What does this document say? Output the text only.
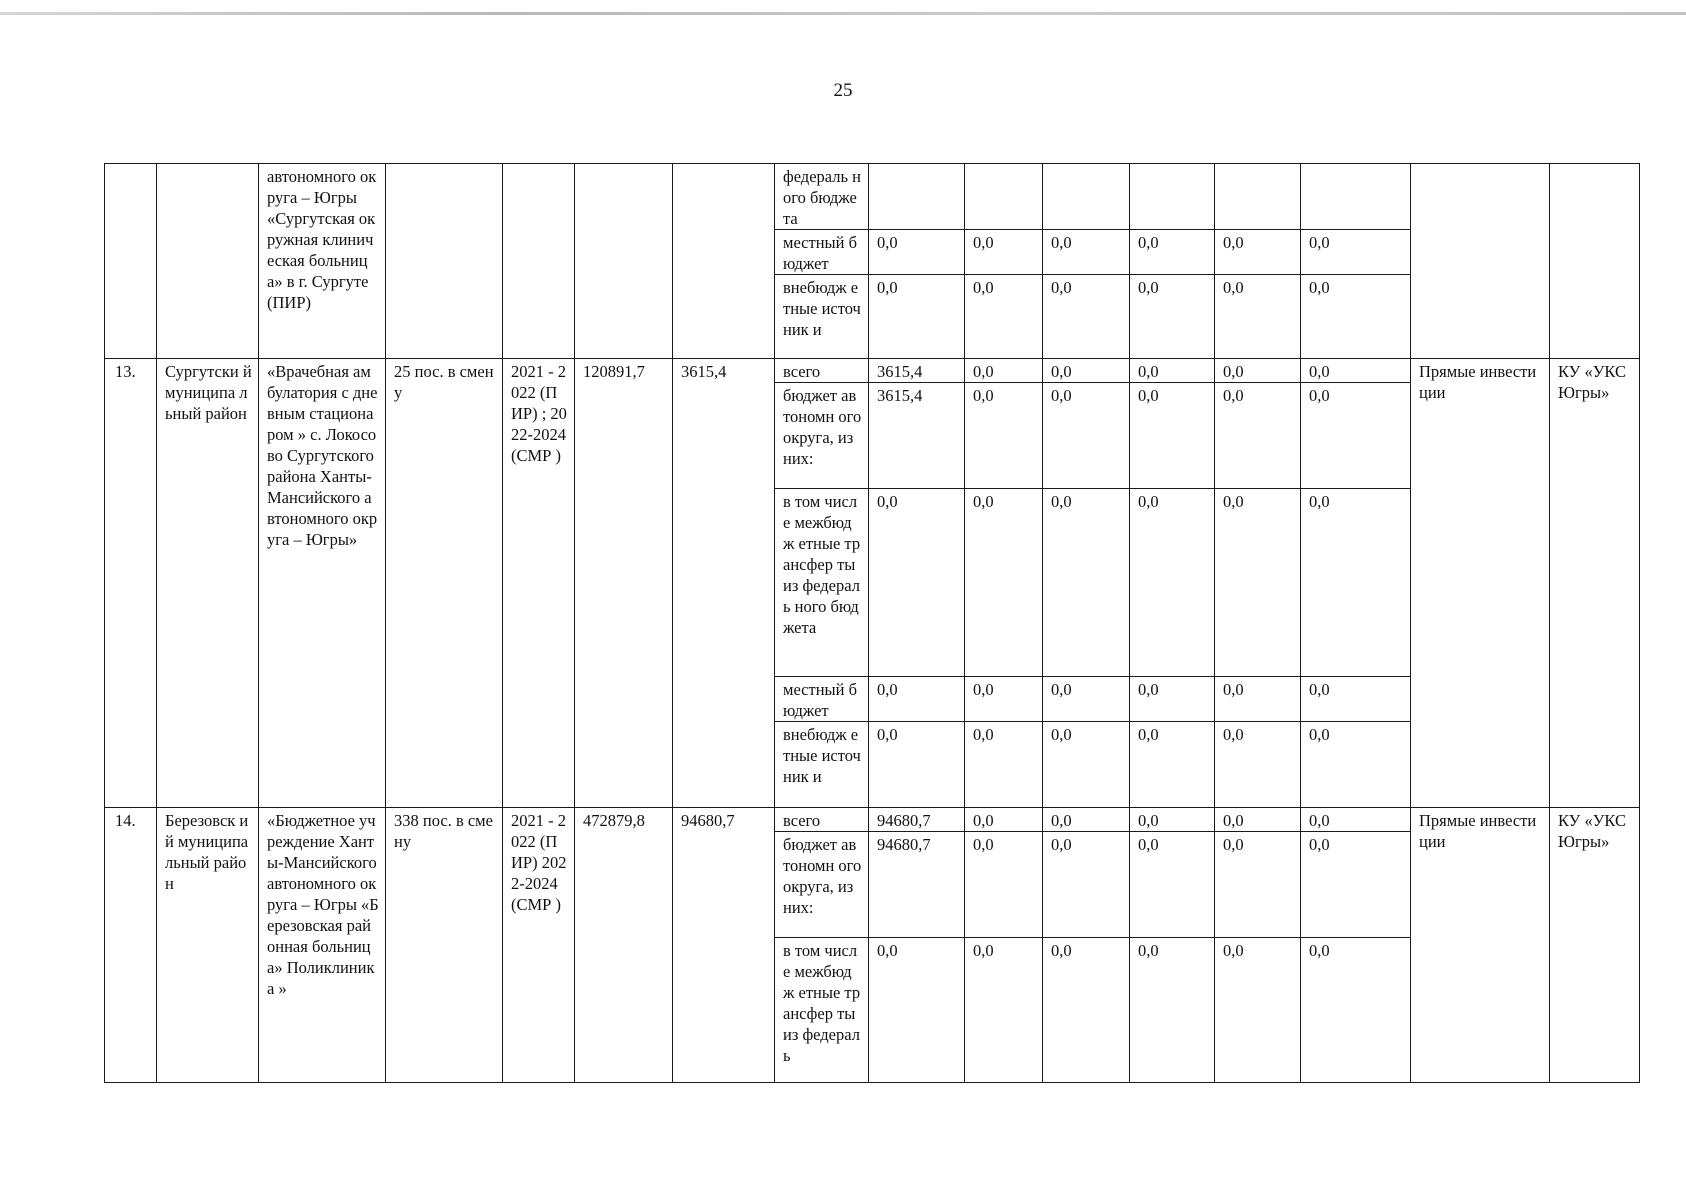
25
		автономного округа – Югры «Сургутская окружная клиническая больница» в г. Сургуте (ПИР)					федераль ного бюджета								
							местный бюджет	0,0	0,0	0,0	0,0	0,0	0,0		
							внебюдж етные источник и	0,0	0,0	0,0	0,0	0,0	0,0		
13.	Сургутски й муниципа льный район	«Врачебная амбулатория с дневным стационаром » с. Локосово Сургутского района Ханты-Мансийского автономного округа – Югры»	25 пос. в смену	2021 - 2022 (ПИР) ; 2022-2024 (СМР )	120891,7	3615,4	всего	3615,4	0,0	0,0	0,0	0,0	0,0	Прямые инвестиции	КУ «УКС Югры»
							бюджет автономн ого округа, из них:	3615,4	0,0	0,0	0,0	0,0	0,0		
							в том числе межбюдж етные трансфер ты из федераль ного бюджета	0,0	0,0	0,0	0,0	0,0	0,0		
							местный бюджет	0,0	0,0	0,0	0,0	0,0	0,0		
							внебюдж етные источник и	0,0	0,0	0,0	0,0	0,0	0,0		
14.	Березовск ий муниципа льный район	«Бюджетное учреждение Ханты-Мансийского автономного округа – Югры «Березовская районная больница» Поликлиника »	338 пос. в смену	2021 - 2022 (ПИР) 2022-2024 (СМР )	472879,8	94680,7	всего	94680,7	0,0	0,0	0,0	0,0	0,0	Прямые инвестиции	КУ «УКС Югры»
							бюджет автономн ого округа, из них:	94680,7	0,0	0,0	0,0	0,0	0,0		
							в том числе межбюдж етные трансфер ты из федераль	0,0	0,0	0,0	0,0	0,0	0,0		
